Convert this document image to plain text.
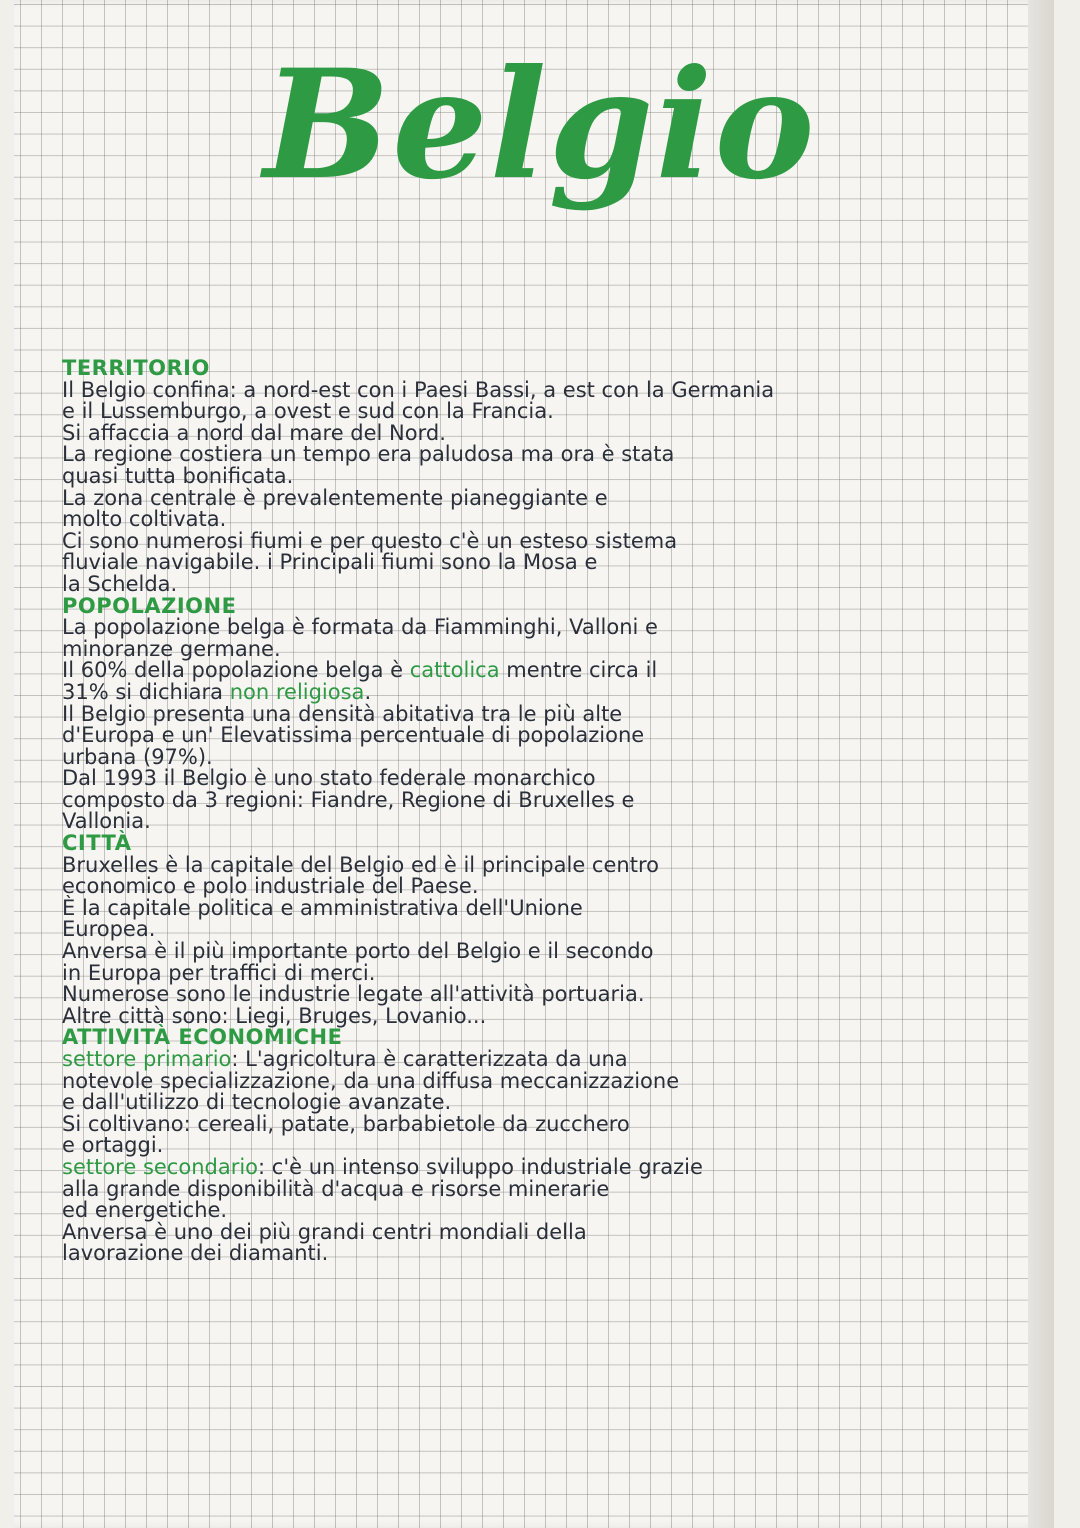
Belgio
TERRITORIO
Il Belgio confina: a nord-est con i Paesi Bassi, a est con la Germania
e il Lussemburgo, a ovest e sud con la Francia.
Si affaccia a nord dal mare del Nord.
La regione costiera un tempo era paludosa ma ora è stata
quasi tutta bonificata.
La zona centrale è prevalentemente pianeggiante e
molto coltivata.
Ci sono numerosi fiumi e per questo c'è un esteso sistema
fluviale navigabile. i Principali fiumi sono la Mosa e
la Schelda.
POPOLAZIONE
La popolazione belga è formata da Fiamminghi, Valloni e
minoranze germane.
Il 60% della popolazione belga è cattolica mentre circa il
31% si dichiara non religiosa.
Il Belgio presenta una densità abitativa tra le più alte
d'Europa e un' Elevatissima percentuale di popolazione
urbana (97%).
Dal 1993 il Belgio è uno stato federale monarchico
composto da 3 regioni: Fiandre, Regione di Bruxelles e
Vallonia.
CITTÀ
Bruxelles è la capitale del Belgio ed è il principale centro
economico e polo industriale del Paese.
È la capitale politica e amministrativa dell'Unione
Europea.
Anversa è il più importante porto del Belgio e il secondo
in Europa per traffici di merci.
Numerose sono le industrie legate all'attività portuaria.
Altre città sono: Liegi, Bruges, Lovanio...
ATTIVITÀ ECONOMICHE
settore primario: L'agricoltura è caratterizzata da una
notevole specializzazione, da una diffusa meccanizzazione
e dall'utilizzo di tecnologie avanzate.
Si coltivano: cereali, patate, barbabietole da zucchero
e ortaggi.
settore secondario: c'è un intenso sviluppo industriale grazie
alla grande disponibilità d'acqua e risorse minerarie
ed energetiche.
Anversa è uno dei più grandi centri mondiali della
lavorazione dei diamanti.
